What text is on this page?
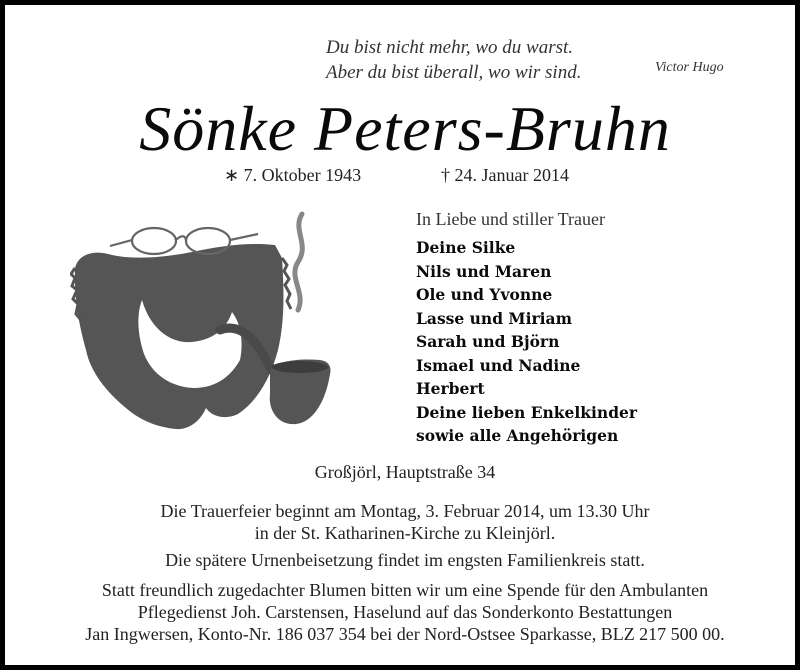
Du bist nicht mehr, wo du warst.
Aber du bist überall, wo wir sind.	Victor Hugo
Sönke Peters-Bruhn
∗ 7. Oktober 1943	† 24. Januar 2014
In Liebe und stiller Trauer
Deine Silke
Nils und Maren
Ole und Yvonne
Lasse und Miriam
Sarah und Björn
Ismael und Nadine
Herbert
Deine lieben Enkelkinder
sowie alle Angehörigen
Großjörl, Hauptstraße 34
Die Trauerfeier beginnt am Montag, 3. Februar 2014, um 13.30 Uhr
in der St. Katharinen-Kirche zu Kleinjörl.
Die spätere Urnenbeisetzung findet im engsten Familienkreis statt.
Statt freundlich zugedachter Blumen bitten wir um eine Spende für den Ambulanten
Pflegedienst Joh. Carstensen, Haselund auf das Sonderkonto Bestattungen
Jan Ingwersen, Konto-Nr. 186 037 354 bei der Nord-Ostsee Sparkasse, BLZ 217 500 00.
